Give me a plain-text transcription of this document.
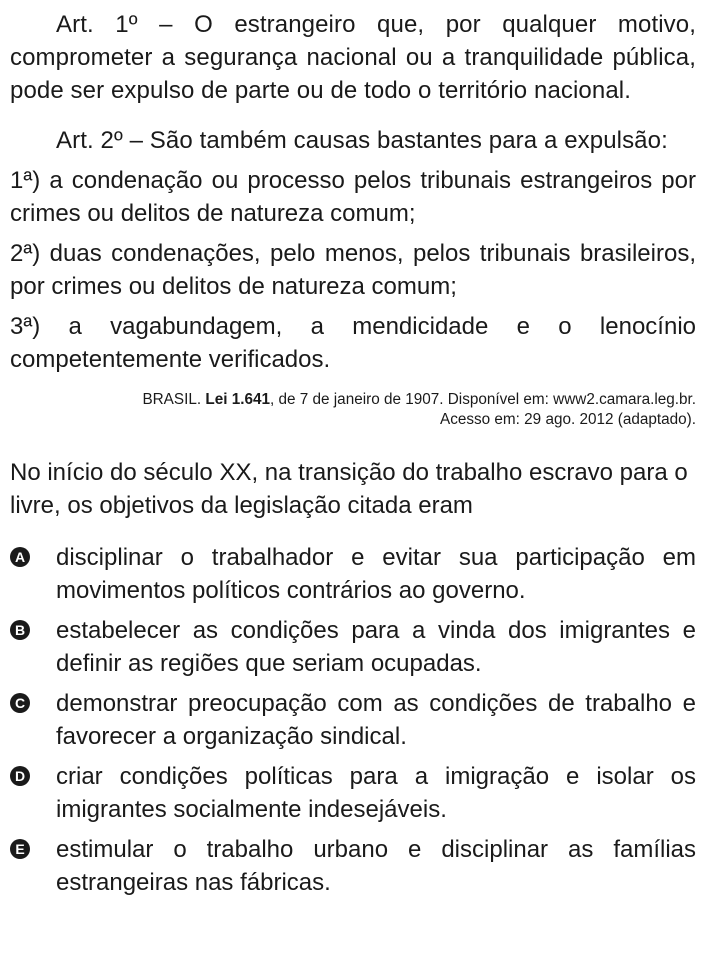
Art. 1º – O estrangeiro que, por qualquer motivo, comprometer a segurança nacional ou a tranquilidade pública, pode ser expulso de parte ou de todo o território nacional.

Art. 2º – São também causas bastantes para a expulsão:

1ª) a condenação ou processo pelos tribunais estrangeiros por crimes ou delitos de natureza comum;

2ª) duas condenações, pelo menos, pelos tribunais brasileiros, por crimes ou delitos de natureza comum;

3ª) a vagabundagem, a mendicidade e o lenocínio competentemente verificados.

BRASIL. Lei 1.641, de 7 de janeiro de 1907. Disponível em: www2.camara.leg.br.
Acesso em: 29 ago. 2012 (adaptado).

No início do século XX, na transição do trabalho escravo para o livre, os objetivos da legislação citada eram

A disciplinar o trabalhador e evitar sua participação em movimentos políticos contrários ao governo.
B estabelecer as condições para a vinda dos imigrantes e definir as regiões que seriam ocupadas.
C demonstrar preocupação com as condições de trabalho e favorecer a organização sindical.
D criar condições políticas para a imigração e isolar os imigrantes socialmente indesejáveis.
E estimular o trabalho urbano e disciplinar as famílias estrangeiras nas fábricas.
